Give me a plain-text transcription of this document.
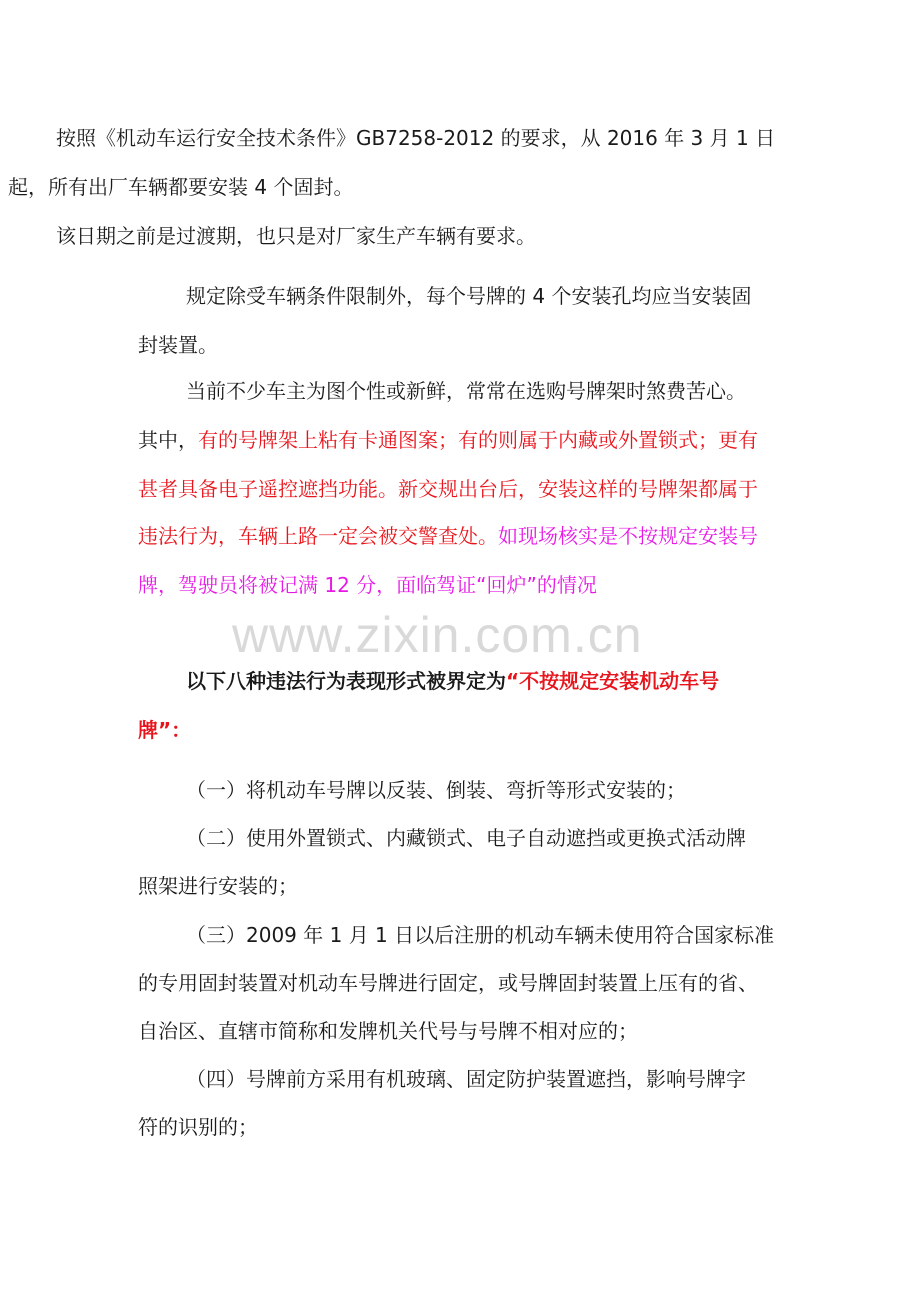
按照《机动车运行安全技术条件》GB7258-2012 的要求，从 2016 年 3 月 1 日
起，所有出厂车辆都要安装 4 个固封。
该日期之前是过渡期，也只是对厂家生产车辆有要求。
规定除受车辆条件限制外，每个号牌的 4 个安装孔均应当安装固
封装置。
当前不少车主为图个性或新鲜，常常在选购号牌架时煞费苦心。
其中，有的号牌架上粘有卡通图案；有的则属于内藏或外置锁式；更有
甚者具备电子遥控遮挡功能。新交规出台后，安装这样的号牌架都属于
违法行为，车辆上路一定会被交警查处。如现场核实是不按规定安装号
牌，驾驶员将被记满 12 分，面临驾证“回炉”的情况
www.zixin.com.cn
以下八种违法行为表现形式被界定为“不按规定安装机动车号
牌”：
（一）将机动车号牌以反装、倒装、弯折等形式安装的；
（二）使用外置锁式、内藏锁式、电子自动遮挡或更换式活动牌
照架进行安装的；
（三）2009 年 1 月 1 日以后注册的机动车辆未使用符合国家标准
的专用固封装置对机动车号牌进行固定，或号牌固封装置上压有的省、
自治区、直辖市简称和发牌机关代号与号牌不相对应的；
（四）号牌前方采用有机玻璃、固定防护装置遮挡，影响号牌字
符的识别的；
